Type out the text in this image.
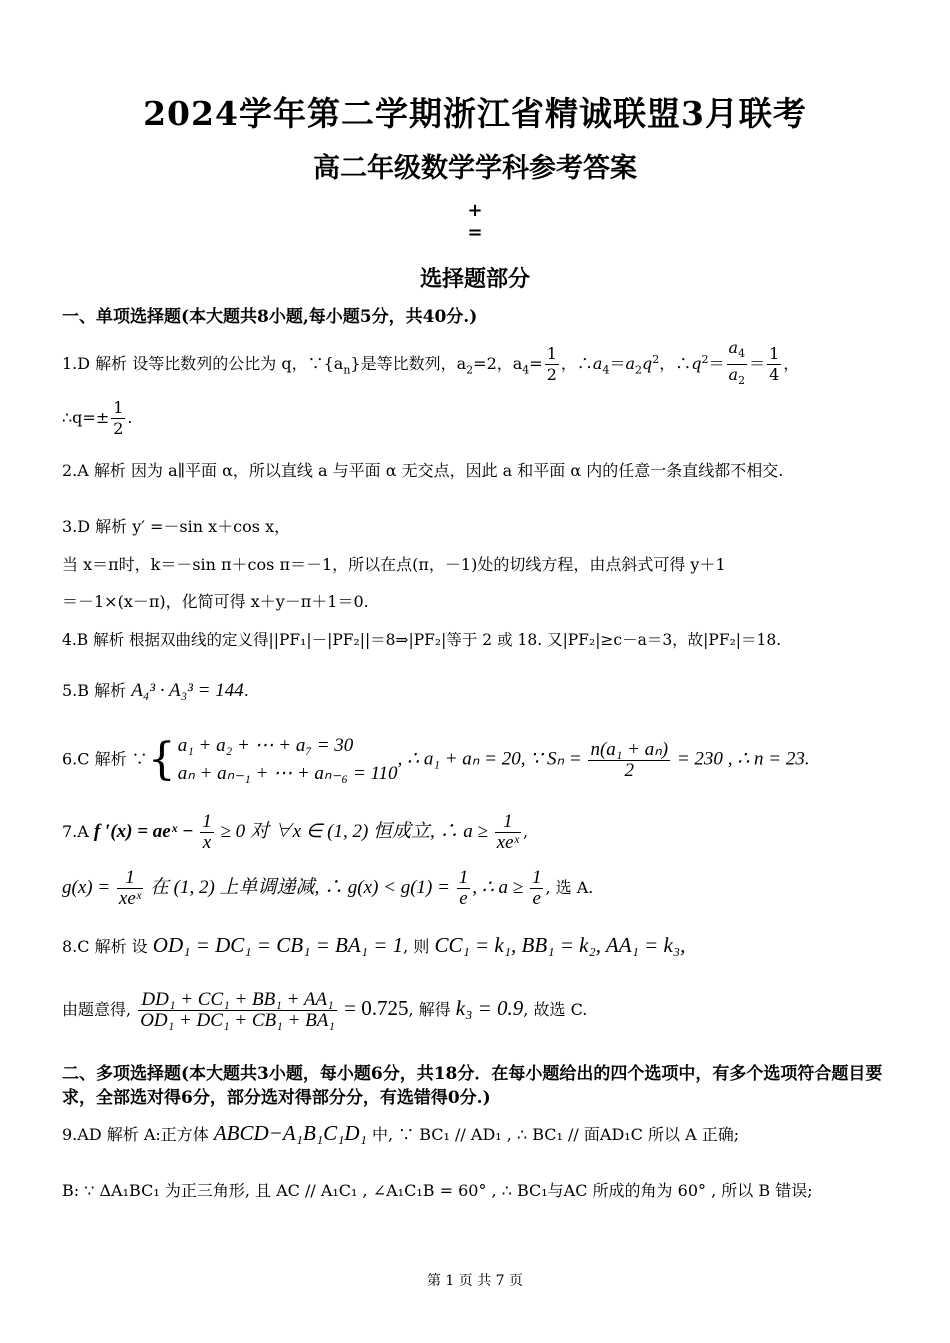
2024学年第二学期浙江省精诚联盟3月联考
高二年级数学学科参考答案
+
=
选择题部分
一、单项选择题(本大题共8小题,每小题5分，共40分.)
1.D 解析 设等比数列的公比为 q，$\because\{a_n\}$是等比数列，$a_2=2$，$a_4= \frac{1}{2}$ ，$\therefore a_4=a_2q^2$，$\therefore q^2= \frac{a_4}{a_2} = \frac{1}{4}$ ，
∴q=± $\frac{1}{2}$ .
2.A 解析 因为 a∥平面 α，所以直线 a 与平面 α 无交点，因此 a 和平面 α 内的任意一条直线都不相交.
3.D 解析 y′ =－sin x＋cos x，
当 x＝π时，k＝－sin π＋cos π＝－1，所以在点(π，－1)处的切线方程，由点斜式可得 y＋1
＝－1×(x－π)，化简可得 x＋y－π＋1＝0.
4.B 解析 根据双曲线的定义得||PF₁|－|PF₂||＝8⇒|PF₂|等于 2 或 18. 又|PF₂|≥c－a＝3，故|PF₂|＝18.
5.B 解析 A₄³ · A₃³ = 144.
6.C 解析 ∵{ a₁ + a₂ + ⋯ + a₇ = 30
aₙ + aₙ₋₁ + ⋯ + aₙ₋₆ = 110
, ∴ a₁ + aₙ = 20, ∵ $S_n = \frac{\text{n(a₁ + aₙ)}}{2} = 230$ , ∴ n = 23.
7.A f ′(x) = aeˣ − $\frac{1}{x} \ge 0$ 对 ∀x ∈ (1, 2) 恒成立, ∴ $a \ge \frac{1}{\text{xeˣ}}$ ,
$g(x) = \frac{1}{\text{xeˣ}}$ 在 (1, 2) 上单调递减, ∴ $g(x) < g(1) = \frac{1}{e}$ , ∴ $a \ge \frac{1}{e}$ , 选 A.
8.C 解析 设 OD₁ = DC₁ = CB₁ = BA₁ = 1, 则 CC₁ = k₁, BB₁ = k₂, AA₁ = k₃,
由题意得, $\frac{\text{DD₁ + CC₁ + BB₁ + AA₁}}{\text{OD₁ + DC₁ + CB₁ + BA₁}} = 0.725$, 解得 k₃ = 0.9, 故选 C.
二、多项选择题(本大题共3小题，每小题6分，共18分．在每小题给出的四个选项中，有多个选项符合题目要求，全部选对得6分，部分选对得部分分，有选错得0分.)
9.AD 解析 A:正方体 ABCD−A₁B₁C₁D₁ 中, ∵ BC₁ // AD₁ , ∴ BC₁ // 面AD₁C 所以 A 正确;
B: ∵ ΔA₁BC₁ 为正三角形, 且 AC // A₁C₁ , ∠A₁C₁B = 60° , ∴ BC₁与AC 所成的角为 60° , 所以 B 错误;
第 1 页 共 7 页
